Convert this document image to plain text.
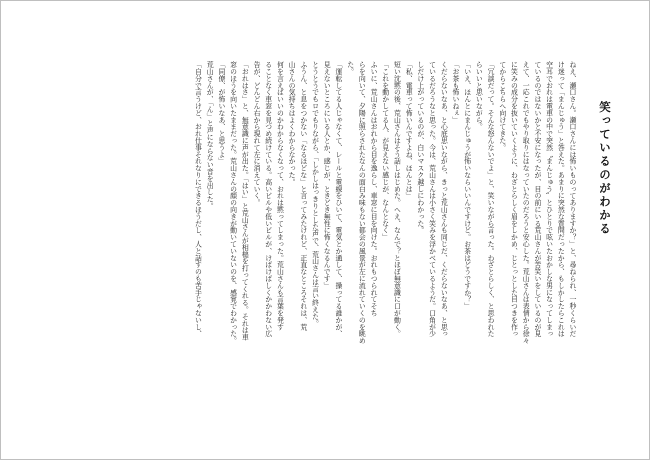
笑っているのがわかる

ねえ、瀬口さん。瀬口さんには怖いものってありますか？」と、尋ねられ、一秒くらいだ

け迷って「まんじゅう」と答えた。あまりに突然な質問だったから、もしかしたらこれは

空耳でおれは電車の中で突然〝まんじゅう〟とひとりで呟いたおかしな男になってしまっ

ているのではないかと不安になったが、目の前にいる荒山さんが苦笑いをしているのが見

えて、一応これでもやり取りにはなっていたのだろうと安心した。荒山さんは表情から徐々

に笑みの成分を抜いていくように、わざとらしく眉をしかめ、じとっとした目つきを作っ

てからこちらへ向けてきた。

「冗談だって。そんな怒んないでよ」と、笑いながら言った。わざとらしく、と思われた

らいいと思いながら。

「いえ、ほんとにまんじゅうが怖いならいいんですけど。お茶はどうですか？」

「お茶も怖いねぇ」

くだらないなあ、と心底思いながら、きっと荒山さんも同じだ、くだらないなあ、と思っ

ているだろうなと思った。今は、荒山さんは小さく笑みを浮かべているようだ。口角が少

しだけ上がっているのが、白いマスク越しにわかった。

「私、電車って怖いんですよね、ほんとは」

短い沈黙の後、荒山さんはそう話しはじめた。へえ、なんで？とほぼ無意識に口が動く。

「これを動かしてる人、が見えない感じが、なんとなく」

ふいに、荒山さんはおれから目を逸らし、車窓に目を向けた。おれもつられてそち

らを向いて、夕陽に照らされたなんの面白み味もない都会の風景が左に流れていくのを眺め

た。

「運転してる人じゃなくて、レールと電線をひいて、電気とか通して、操ってる誰かが、

見えないところにいる人とか、感じが、ときどき無性に怖くなるんです」

とうとうでもロでもりながら、「しかしはっきりとした声で、荒山さんは言い終えた。

ふうん、と息をつかない「なるほどな」と言ってみたけれど、正直なところそれは、荒

山さんの気持ちはよくわからなかった。

何を言えばいいのかわからなくなって、おれは黙ってしまった。荒山さんも言葉を発す

ることなく車窓を見つめ続けている。高いビルや低いビルが、けばけばしくかかわない広

告が、どんどん右から現れて左に消えていく。

「おれはさ」と、無意識に声が出た。「はい」と荒山さんが相槌を打ってくれる。それは車

窓のほうを向いたままだった。荒山さんの顔の向きが動いていないのを、感覚でわかった。

「同僚、が怖いなあ、と思うよ」

荒山さんが、「ん」と声にならない音を出した。

「自分で言うけど、おれ仕事それなりにできるほうだし、人と話すのも苦手じゃないし、
